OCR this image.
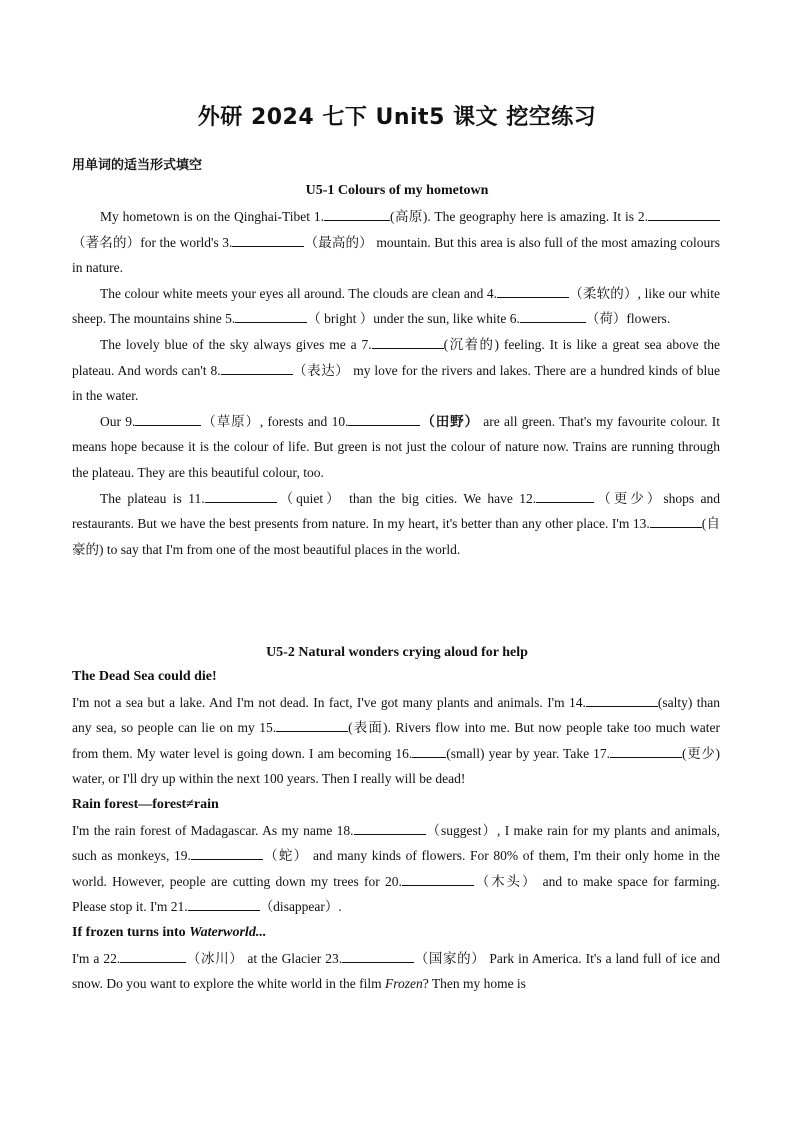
外研 2024 七下 Unit5 课文 挖空练习
用单词的适当形式填空
U5-1 Colours of my hometown

My hometown is on the Qinghai-Tibet 1.	(高原). The geography here is amazing. It is 2.（著名的）for the world's 3.	（最高的） mountain. But this area is also full of the most amazing colours in nature.

The colour white meets your eyes all around. The clouds are clean and 4.	（柔软的）, like our white sheep. The mountains shine 5.	（ bright ）under the sun, like white 6.	（荷）flowers.

The lovely blue of the sky always gives me a 7.	(沉着的) feeling. It is like a great sea above the plateau. And words can't 8.	（表达） my love for the rivers and lakes. There are a hundred kinds of blue in the water.

Our 9.	（草原）, forests and 10.	（田野） are all green. That's my favourite colour. It means hope because it is the colour of life. But green is not just the colour of nature now. Trains are running through the plateau. They are this beautiful colour, too.

The plateau is 11.	（quiet） than the big cities. We have 12.	（更少）shops and restaurants. But we have the best presents from nature. In my heart, it's better than any other place. I'm 13.	(自豪的) to say that I'm from one of the most beautiful places in the world.

U5-2 Natural wonders crying aloud for help

The Dead Sea could die!

I'm not a sea but a lake. And I'm not dead. In fact, I've got many plants and animals. I'm 14.	(salty) than any sea, so people can lie on my 15.	(表面). Rivers flow into me. But now people take too much water from them. My water level is going down. I am becoming 16.	(small) year by year. Take 17.	(更少) water, or I'll dry up within the next 100 years. Then I really will be dead!

Rain forest—forest≠rain

I'm the rain forest of Madagascar. As my name 18.	（suggest）, I make rain for my plants and animals, such as monkeys, 19.	（蛇） and many kinds of flowers. For 80% of them, I'm their only home in the world. However, people are cutting down my trees for 20.	（木头） and to make space for farming. Please stop it. I'm 21.	（disappear）.

If frozen turns into Waterworld...

I'm a 22.	（冰川） at the Glacier 23.	（国家的） Park in America. It's a land full of ice and snow. Do you want to explore the white world in the film Frozen? Then my home is
